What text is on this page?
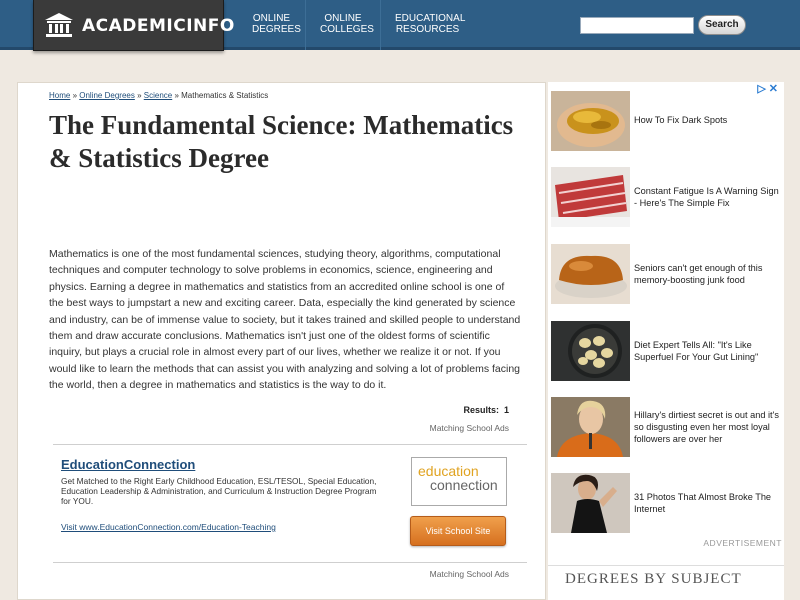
ACADEMICINFO ONLINE
DEGREES
ONLINE
COLLEGES
EDUCATIONAL
RESOURCES	Search
Home » Online Degrees » Science » Mathematics & Statistics
The Fundamental Science: Mathematics & Statistics Degree

Mathematics is one of the most fundamental sciences, studying theory, algorithms, computational techniques and computer technology to solve problems in economics, science, engineering and physics. Earning a degree in mathematics and statistics from an accredited online school is one of the best ways to jumpstart a new and exciting career. Data, especially the kind generated by science and industry, can be of immense value to society, but it takes trained and skilled people to understand them and draw accurate conclusions. Mathematics isn't just one of the oldest forms of scientific inquiry, but plays a crucial role in almost every part of our lives, whether we realize it or not. If you would like to learn the methods that can assist you with analyzing and solving a lot of problems facing the world, then a degree in mathematics and statistics is the way to do it.

Results: 1
Matching School Ads
EducationConnection
Get Matched to the Right Early Childhood Education, ESL/TESOL, Special Education, Education Leadership & Administration, and Curriculum & Instruction Degree Program for YOU.
Visit www.EducationConnection.com/Education-Teaching
education
connection
Visit School Site
Matching School Ads
▷✕
How To Fix Dark Spots
Constant Fatigue Is A Warning Sign - Here's The Simple Fix
Seniors can't get enough of this memory-boosting junk food
Diet Expert Tells All: "It's Like Superfuel For Your Gut Lining"
Hillary's dirtiest secret is out and it's so disgusting even her most loyal followers are over her
31 Photos That Almost Broke The Internet
ADVERTISEMENT
DEGREES BY SUBJECT
